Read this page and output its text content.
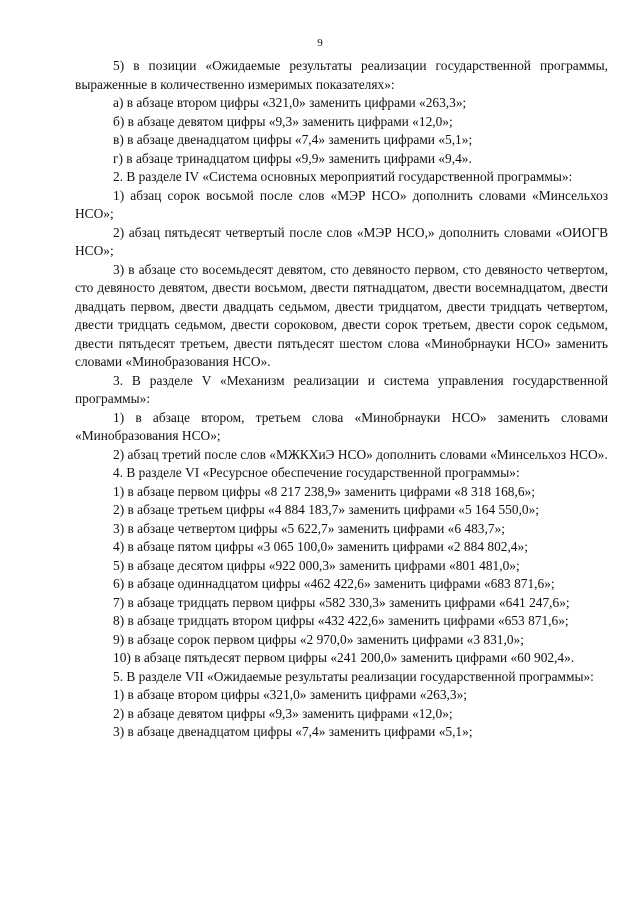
9

5) в позиции «Ожидаемые результаты реализации государственной программы, выраженные в количественно измеримых показателях»:

а) в абзаце втором цифры «321,0» заменить цифрами «263,3»;

б) в абзаце девятом цифры «9,3» заменить цифрами «12,0»;

в) в абзаце двенадцатом цифры «7,4» заменить цифрами «5,1»;

г) в абзаце тринадцатом цифры «9,9» заменить цифрами «9,4».

2. В разделе IV «Система основных мероприятий государственной программы»:

1) абзац сорок восьмой после слов «МЭР НСО» дополнить словами «Минсельхоз НСО»;

2) абзац пятьдесят четвертый после слов «МЭР НСО,» дополнить словами «ОИОГВ НСО»;

3) в абзаце сто восемьдесят девятом, сто девяносто первом, сто девяносто четвертом, сто девяносто девятом, двести восьмом, двести пятнадцатом, двести восемнадцатом, двести двадцать первом, двести двадцать седьмом, двести тридцатом, двести тридцать четвертом, двести тридцать седьмом, двести сороковом, двести сорок третьем, двести сорок седьмом, двести пятьдесят третьем, двести пятьдесят шестом слова «Минобрнауки НСО» заменить словами «Минобразования НСО».

3. В разделе V «Механизм реализации и система управления государственной программы»:

1) в абзаце втором, третьем слова «Минобрнауки НСО» заменить словами «Минобразования НСО»;

2) абзац третий после слов «МЖКХиЭ НСО» дополнить словами «Минсельхоз НСО».

4. В разделе VI «Ресурсное обеспечение государственной программы»:

1) в абзаце первом цифры «8 217 238,9» заменить цифрами «8 318 168,6»;

2) в абзаце третьем цифры «4 884 183,7» заменить цифрами «5 164 550,0»;

3) в абзаце четвертом цифры «5 622,7» заменить цифрами «6 483,7»;

4) в абзаце пятом цифры «3 065 100,0» заменить цифрами «2 884 802,4»;

5) в абзаце десятом цифры «922 000,3» заменить цифрами «801 481,0»;

6) в абзаце одиннадцатом цифры «462 422,6» заменить цифрами «683 871,6»;

7) в абзаце тридцать первом цифры «582 330,3» заменить цифрами «641 247,6»;

8) в абзаце тридцать втором цифры «432 422,6» заменить цифрами «653 871,6»;

9) в абзаце сорок первом цифры «2 970,0» заменить цифрами «3 831,0»;

10) в абзаце пятьдесят первом цифры «241 200,0» заменить цифрами «60 902,4».

5. В разделе VII «Ожидаемые результаты реализации государственной программы»:

1) в абзаце втором цифры «321,0» заменить цифрами «263,3»;

2) в абзаце девятом цифры «9,3» заменить цифрами «12,0»;

3) в абзаце двенадцатом цифры «7,4» заменить цифрами «5,1»;
